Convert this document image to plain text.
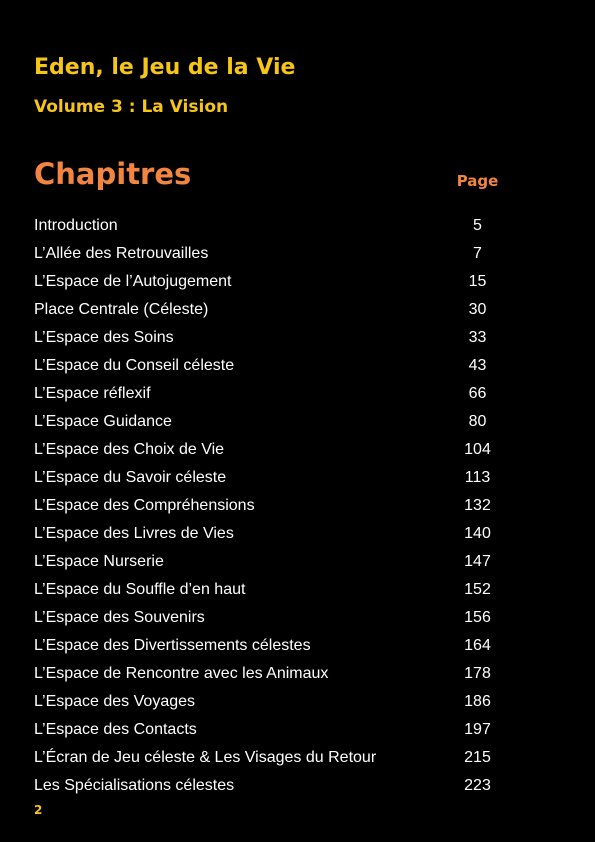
Eden, le Jeu de la Vie
Volume 3 : La Vision
Chapitres	Page
Introduction	5
L’Allée des Retrouvailles	7
L’Espace de l’Autojugement	15
Place Centrale (Céleste)	30
L’Espace des Soins	33
L’Espace du Conseil céleste	43
L’Espace réflexif	66
L’Espace Guidance	80
L’Espace des Choix de Vie	104
L’Espace du Savoir céleste	113
L’Espace des Compréhensions	132
L’Espace des Livres de Vies	140
L’Espace Nurserie	147
L’Espace du Souffle d’en haut	152
L’Espace des Souvenirs	156
L’Espace des Divertissements célestes	164
L’Espace de Rencontre avec les Animaux	178
L’Espace des Voyages	186
L’Espace des Contacts	197
L’Écran de Jeu céleste & Les Visages du Retour	215
Les Spécialisations célestes	223
2
